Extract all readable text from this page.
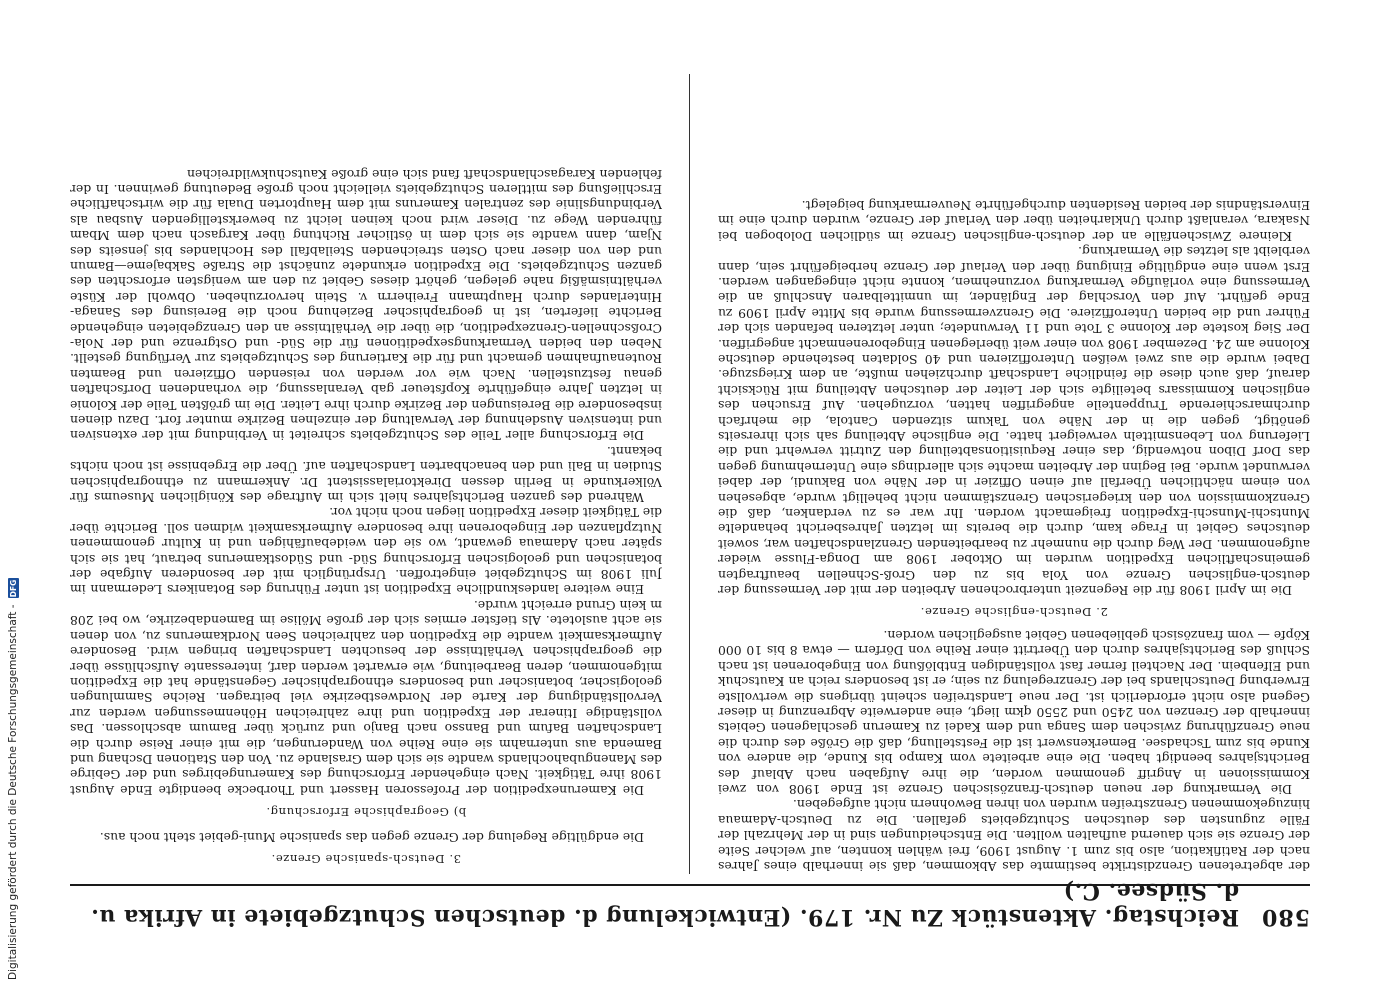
580
Reichstag. Aktenstück Zu Nr. 179. (Entwickelung d. deutschen Schutzgebiete in Afrika u. d. Südsee. C.)

der abgetretenen Grenzdistrikte bestimmte das Abkommen, daß sie innerhalb eines Jahres nach der Ratifikation, also bis zum 1. August 1909, frei wählen konnten, auf welcher Seite der Grenze sie sich dauernd aufhalten wollten. Die Entscheidungen sind in der Mehrzahl der Fälle zugunsten des deutschen Schutzgebiets gefallen. Die zu Deutsch-Adamaua hinzugekommenen Grenzstreifen wurden von ihren Bewohnern nicht aufgegeben.

Die Vermarkung der neuen deutsch-französischen Grenze ist Ende 1908 von zwei Kommissionen in Angriff genommen worden, die ihre Aufgaben nach Ablauf des Berichtsjahres beendigt haben. Die eine arbeitete vom Kampo bis Kunde, die andere von Kunde bis zum Tschadsee. Bemerkenswert ist die Feststellung, daß die Größe des durch die neue Grenzführung zwischen dem Sanga und dem Kadei zu Kamerun geschlagenen Gebiets innerhalb der Grenzen von 2450 und 2550 qkm liegt, eine anderweite Abgrenzung in dieser Gegend also nicht erforderlich ist. Der neue Landstreifen scheint übrigens die wertvollste Erwerbung Deutschlands bei der Grenzregelung zu sein; er ist besonders reich an Kautschuk und Elfenbein. Der Nachteil ferner fast vollständigen Entblößung von Eingeborenen ist nach Schluß des Berichtsjahres durch den Übertritt einer Reihe von Dörfern — etwa 8 bis 10 000 Köpfe — vom französisch gebliebenen Gebiet ausgeglichen worden.

2. Deutsch-englische Grenze.

Die im April 1908 für die Regenzeit unterbrochenen Arbeiten der mit der Vermessung der deutsch-englischen Grenze von Yola bis zu den Groß-Schnellen beauftragten gemeinschaftlichen Expedition wurden im Oktober 1908 am Donga-Flusse wieder aufgenommen. Der Weg durch die nunmehr zu bearbeitenden Grenzlandschaften war, soweit deutsches Gebiet in Frage kam, durch die bereits im letzten Jahresbericht behandelte Muntschi-Munschi-Expedition freigemacht worden. Ihr war es zu verdanken, daß die Grenzkommission von den kriegerischen Grenzstämmen nicht behelligt wurde, abgesehen von einem nächtlichen Überfall auf einen Offizier in der Nähe von Bakundi, der dabei verwundet wurde. Bei Beginn der Arbeiten machte sich allerdings eine Unternehmung gegen das Dorf Dibon notwendig, das einer Requisitionsabteilung den Zutritt verwehrt und die Lieferung von Lebensmitteln verweigert hatte. Die englische Abteilung sah sich ihrerseits genötigt, gegen die in der Nähe von Takum sitzenden Cantola, die mehrfach durchmarschierende Truppenteile angegriffen hatten, vorzugehen. Auf Ersuchen des englischen Kommissars beteiligte sich der Leiter der deutschen Abteilung mit Rücksicht darauf, daß auch diese die feindliche Landschaft durchziehen mußte, an dem Kriegszuge. Dabei wurde die aus zwei weißen Unteroffizieren und 40 Soldaten bestehende deutsche Kolonne am 24. Dezember 1908 von einer weit überlegenen Eingeborenenmacht angegriffen. Der Sieg kostete der Kolonne 3 Tote und 11 Verwundete; unter letzteren befanden sich der Führer und die beiden Unteroffiziere. Die Grenzvermessung wurde bis Mitte April 1909 zu Ende geführt. Auf den Vorschlag der Engländer, im unmittelbaren Anschluß an die Vermessung eine vorläufige Vermarkung vorzunehmen, konnte nicht eingegangen werden. Erst wenn eine endgültige Einigung über den Verlauf der Grenze herbeigeführt sein, dann verbleibt als letztes die Vermarkung.

Kleinere Zwischenfälle an der deutsch-englischen Grenze im südlichen Dolobogen bei Nsakara, veranlaßt durch Unklarheiten über den Verlauf der Grenze, wurden durch eine im Einverständnis der beiden Residenten durchgeführte Neuvermarkung beigelegt.

3. Deutsch-spanische Grenze.

Die endgültige Regelung der Grenze gegen das spanische Muni-gebiet steht noch aus.

b) Geographische Erforschung.

Die Kamerunexpedition der Professoren Hassert und Thorbecke beendigte Ende August 1908 ihre Tätigkeit. Nach eingehender Erforschung des Kamerungebirges und der Gebirge des Manengubahochlands wandte sie sich dem Graslande zu. Von den Stationen Dschang und Bamenda aus unternahm sie eine Reihe von Wanderungen, die mit einer Reise durch die Landschaften Bafum und Bansso nach Banjo und zurück über Bamum abschlossen. Das vollständige Itinerar der Expedition und ihre zahlreichen Höhenmessungen werden zur Vervollständigung der Karte der Nordwestbezirke viel beitragen. Reiche Sammlungen geologischer, botanischer und besonders ethnographischer Gegenstände hat die Expedition mitgenommen, deren Bearbeitung, wie erwartet werden darf, interessante Aufschlüsse über die geographischen Verhältnisse der besuchten Landschaften bringen wird. Besondere Aufmerksamkeit wandte die Expedition den zahlreichen Seen Nordkameruns zu, von denen sie acht auslotete. Als tiefster ermies sich der große Mölise im Bamendabezirke, wo bei 208 m kein Grund erreicht wurde.

Eine weitere landeskundliche Expedition ist unter Führung des Botanikers Ledermann im Juli 1908 im Schutzgebiet eingetroffen. Ursprünglich mit der besonderen Aufgabe der botanischen und geologischen Erforschung Süd- und Südostkameruns betraut, hat sie sich später nach Adamaua gewandt, wo sie den weidebaufähigen und in Kultur genommenen Nutzpflanzen der Eingeborenen ihre besondere Aufmerksamkeit widmen soll. Berichte über die Tätigkeit dieser Expedition liegen noch nicht vor.

Während des ganzen Berichtsjahres hielt sich im Auftrage des Königlichen Museums für Völkerkunde in Berlin dessen Direktorialassistent Dr. Ankermann zu ethnographischen Studien in Bali und den benachbarten Landschaften auf. Über die Ergebnisse ist noch nichts bekannt.

Die Erforschung aller Teile des Schutzgebiets schreitet in Verbindung mit der extensiven und intensiven Ausdehnung der Verwaltung der einzelnen Bezirke munter fort. Dazu dienen insbesondere die Bereisungen der Bezirke durch ihre Leiter. Die im größten Teile der Kolonie in letzten Jahre eingeführte Kopfsteuer gab Veranlassung, die vorhandenen Dorfschaften genau festzustellen. Nach wie vor werden von reisenden Offizieren und Beamten Routenaufnahmen gemacht und für die Kartierung des Schutzgebiets zur Verfügung gestellt. Neben den beiden Vermarkungsexpeditionen für die Süd- und Ostgrenze und der Nola-Croßschnellen-Grenzexpedition, die über die Verhältnisse an den Grenzgebieten eingehende Berichte lieferten, ist in geographischer Beziehung noch die Bereisung des Sanaga-Hinterlandes durch Hauptmann Freiherrn v. Stein hervorzuheben. Obwohl der Küste verhältnismäßig nahe gelegen, gehört dieses Gebiet zu den am wenigsten erforschten des ganzen Schutzgebiets. Die Expedition erkundete zunächst die Straße Sakbajeme—Bamun und den von dieser nach Osten streichenden Steilabfall des Hochlandes bis jenseits des Njam, dann wandte sie sich dem in östlicher Richtung über Kargasch nach dem Mbam führenden Wege zu. Dieser wird noch keinen leicht zu bewerkstelligenden Ausbau als Verbindungslinie des zentralen Kameruns mit dem Hauptorten Duala für die wirtschaftliche Erschließung des mittleren Schutzgebiets vielleicht noch große Bedeutung gewinnen. In der fehlenden Karagaschlandschaft fand sich eine große Kautschukwildreichen

Digitalisierung gefördert durch die Deutsche Forschungsgemeinschaft -
DFG
